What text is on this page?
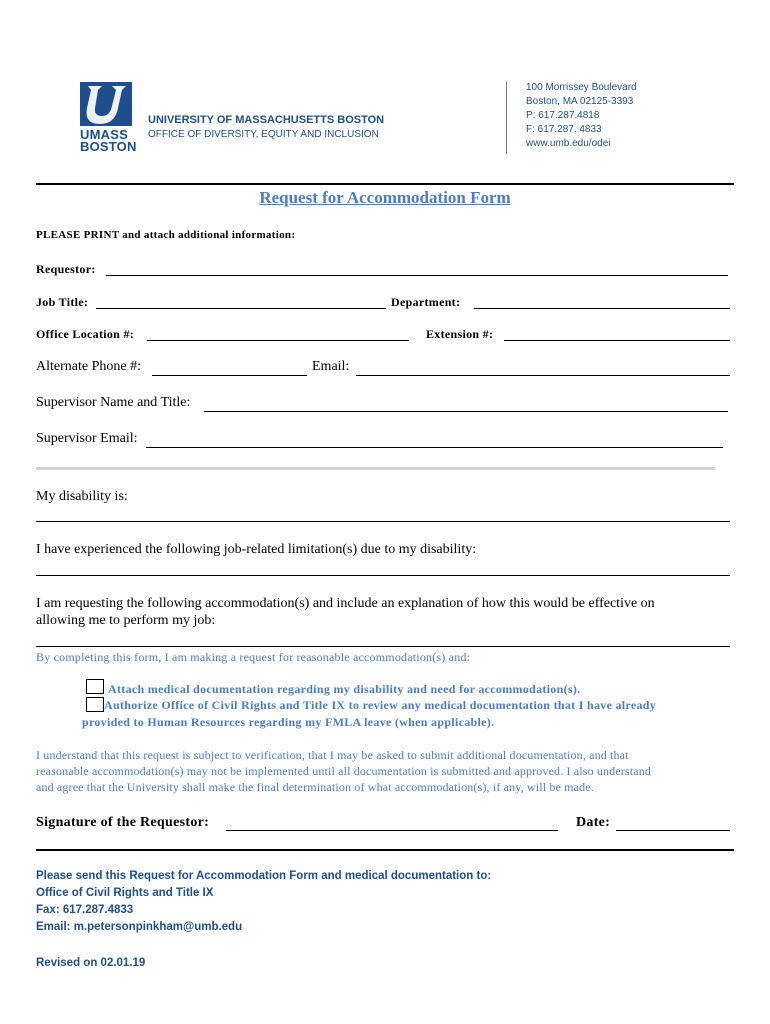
UMASS
BOSTON
UNIVERSITY OF MASSACHUSETTS BOSTON
OFFICE OF DIVERSITY, EQUITY AND INCLUSION
100 Morrissey Boulevard
Boston, MA 02125-3393
P: 617.287.4818
F: 617.287. 4833
www.umb.edu/odei
Request for Accommodation Form
PLEASE PRINT and attach additional information:
Requestor:
Job Title:	Department:
Office Location #:	Extension #:
Alternate Phone #:	Email:
Supervisor Name and Title:
Supervisor Email:
My disability is:
I have experienced the following job-related limitation(s) due to my disability:
I am requesting the following accommodation(s) and include an explanation of how this would be effective on
allowing me to perform my job:
By completing this form, I am making a request for reasonable accommodation(s) and:
Attach medical documentation regarding my disability and need for accommodation(s).
Authorize Office of Civil Rights and Title IX to review any medical documentation that I have already
provided to Human Resources regarding my FMLA leave (when applicable).
I understand that this request is subject to verification, that I may be asked to submit additional documentation, and that
reasonable accommodation(s) may not be implemented until all documentation is submitted and approved. I also understand
and agree that the University shall make the final determination of what accommodation(s), if any, will be made.
Signature of the Requestor:	Date:
Please send this Request for Accommodation Form and medical documentation to:
Office of Civil Rights and Title IX
Fax: 617.287.4833
Email: m.petersonpinkham@umb.edu
Revised on 02.01.19
